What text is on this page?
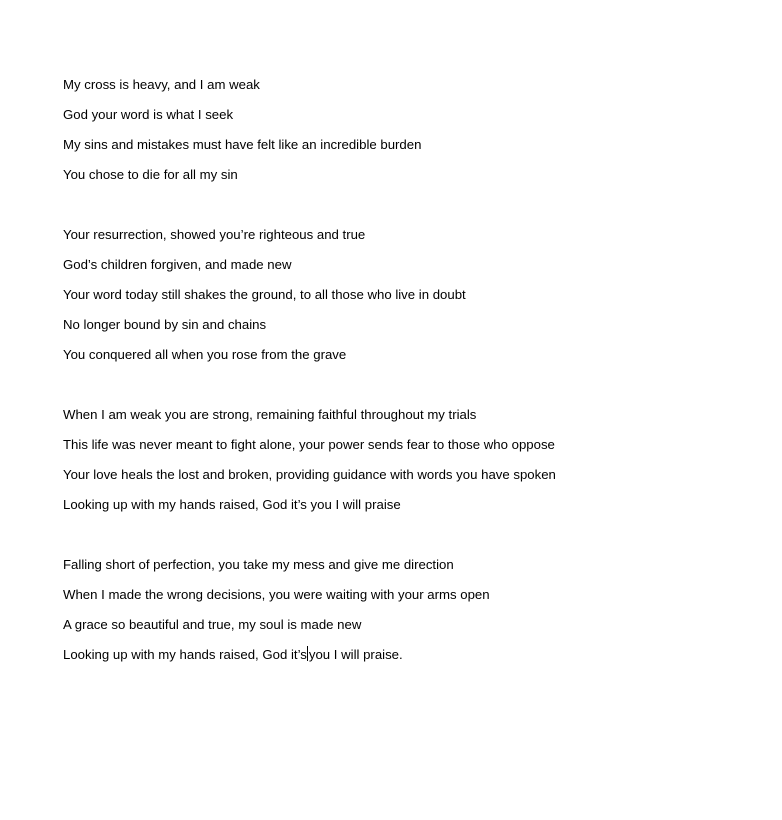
My cross is heavy, and I am weak
God your word is what I seek
My sins and mistakes must have felt like an incredible burden
You chose to die for all my sin
Your resurrection, showed you’re righteous and true
God’s children forgiven, and made new
Your word today still shakes the ground, to all those who live in doubt
No longer bound by sin and chains
You conquered all when you rose from the grave
When I am weak you are strong, remaining faithful throughout my trials
This life was never meant to fight alone, your power sends fear to those who oppose
Your love heals the lost and broken, providing guidance with words you have spoken
Looking up with my hands raised, God it’s you I will praise
Falling short of perfection, you take my mess and give me direction
When I made the wrong decisions, you were waiting with your arms open
A grace so beautiful and true, my soul is made new
Looking up with my hands raised, God it’s you I will praise.
